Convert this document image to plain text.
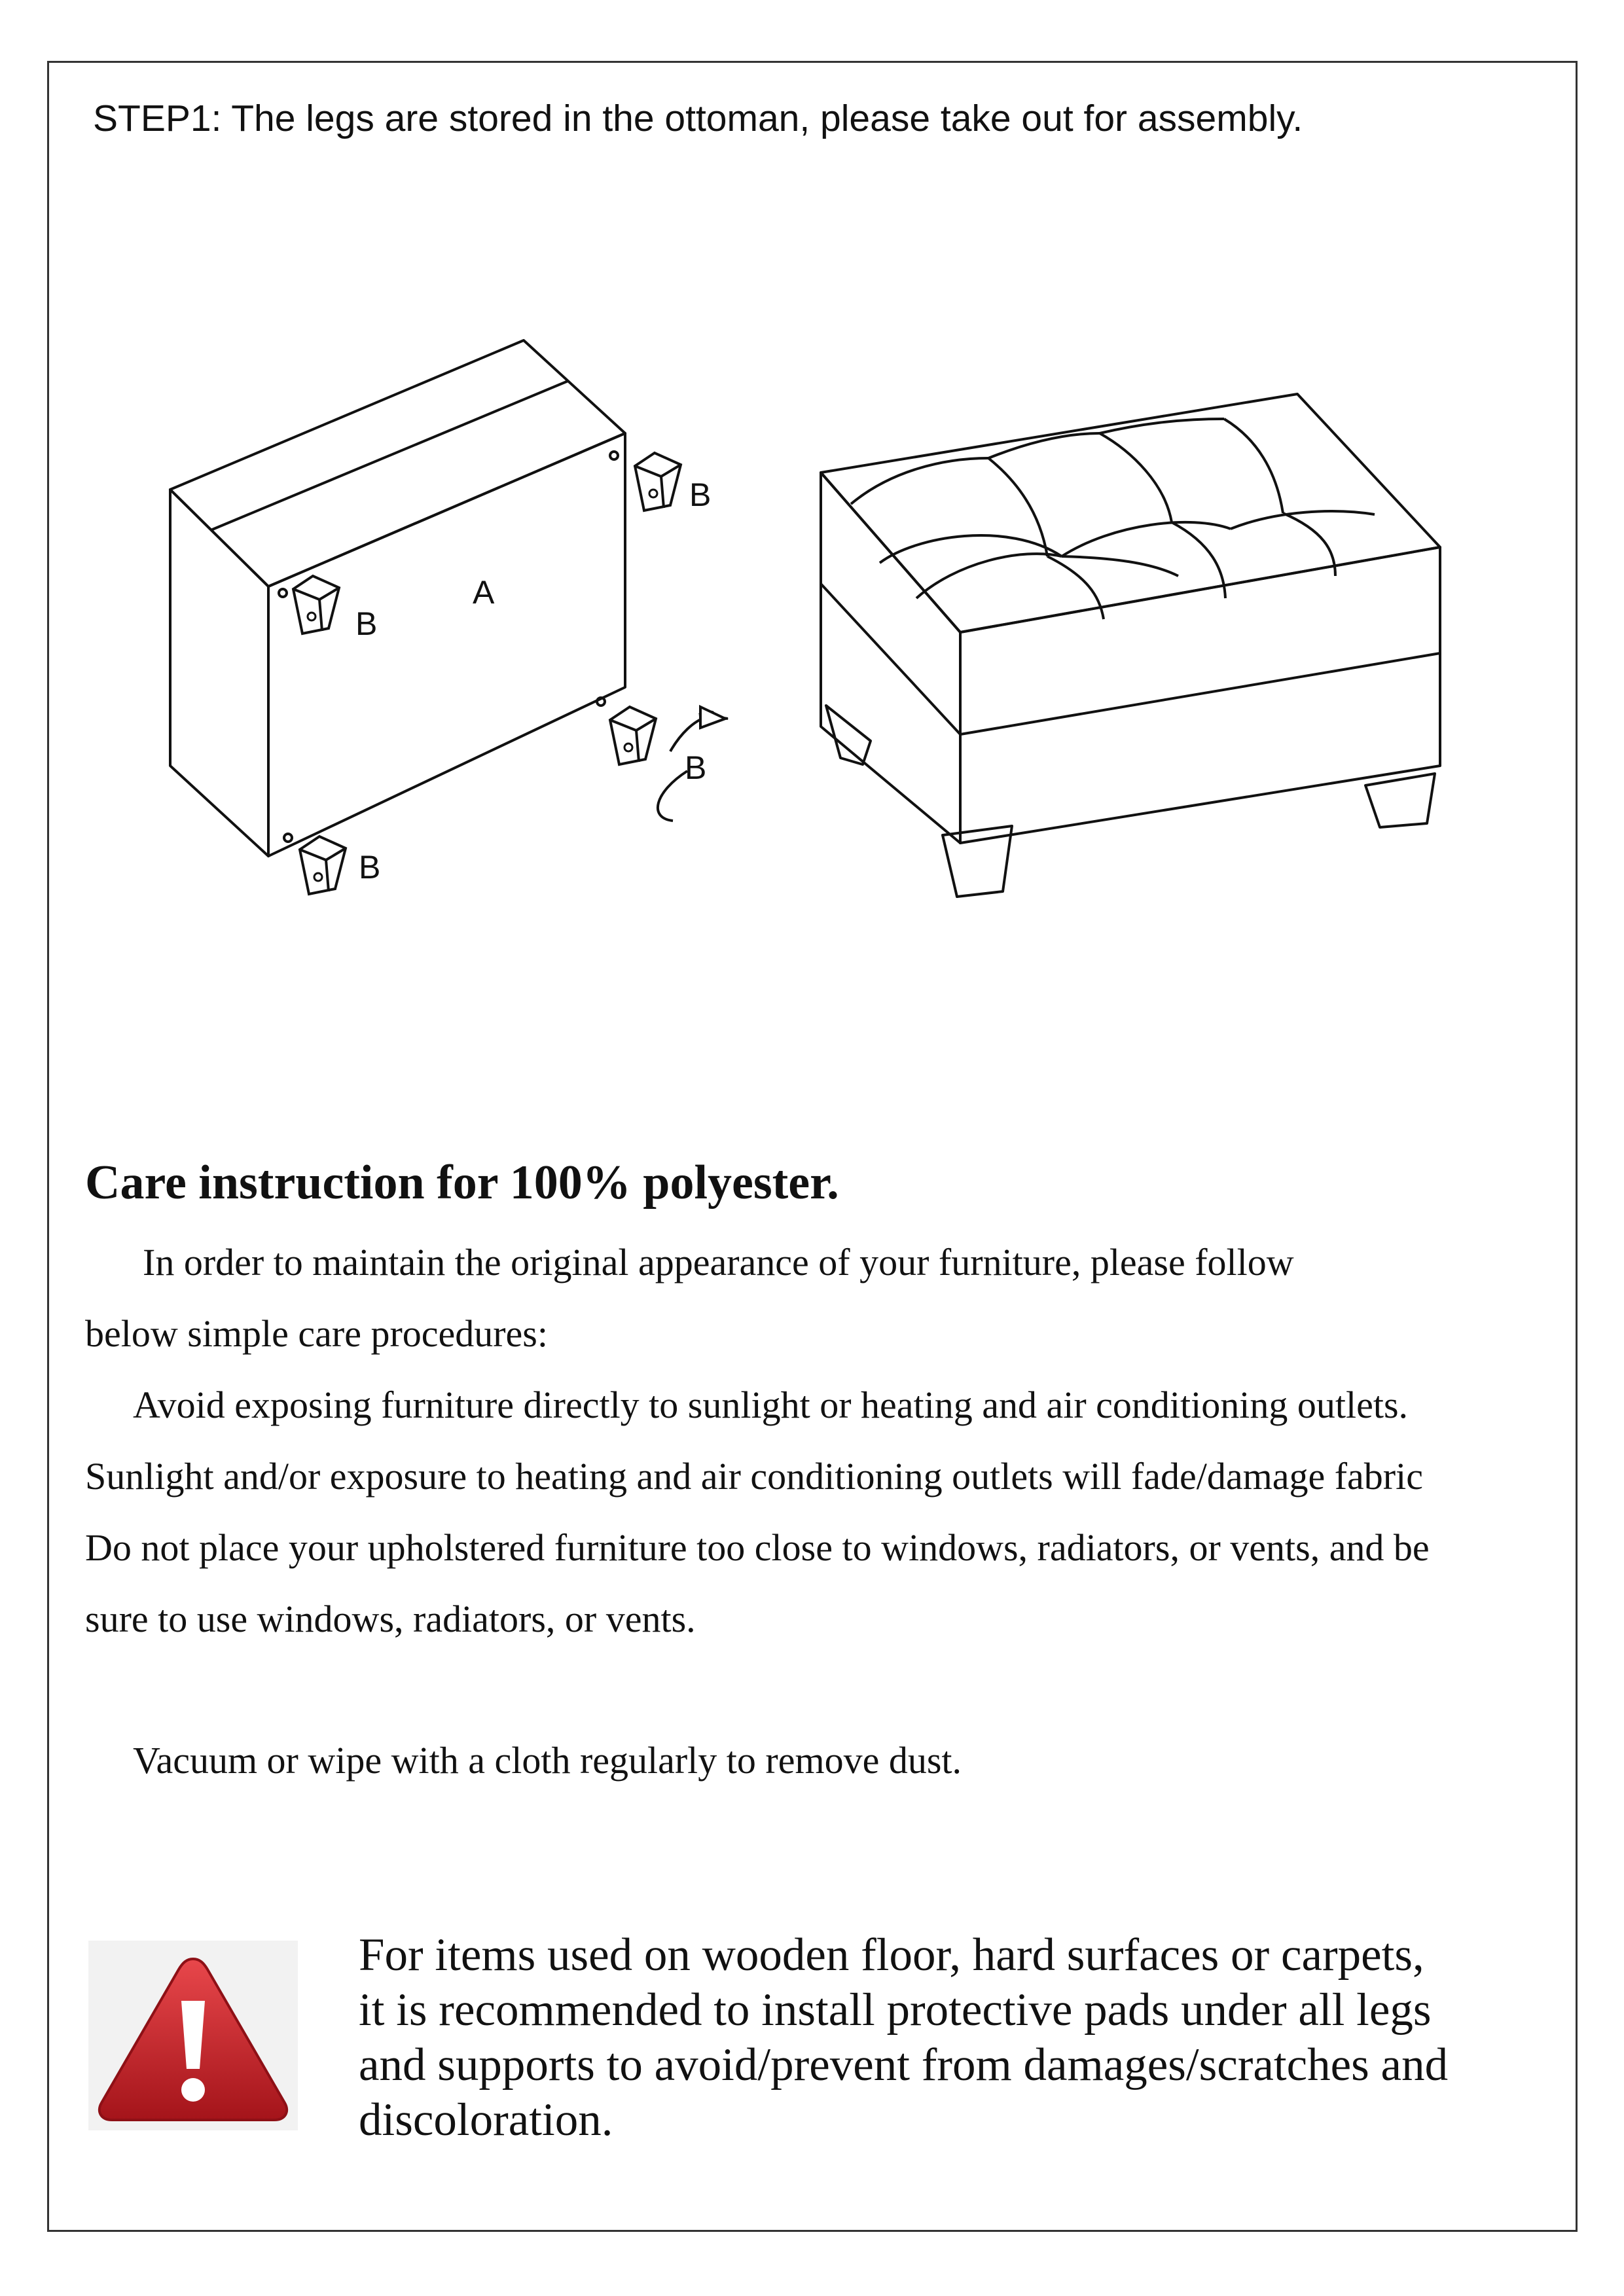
STEP1: The legs are stored in the ottoman, please take out for assembly.
A
B
B
B
B
Care instruction for 100% polyester.
In order to maintain the original appearance of your furniture, please follow
below simple care procedures:
Avoid exposing furniture directly to sunlight or heating and air conditioning outlets.
Sunlight and/or exposure to heating and air conditioning outlets will fade/damage fabric
Do not place your upholstered furniture too close to windows, radiators, or vents, and be
sure to use windows, radiators, or vents.
Vacuum or wipe with a cloth regularly to remove dust.
For items used on wooden floor, hard surfaces or carpets,
it is recommended to install protective pads under all legs
and supports to avoid/prevent from damages/scratches and
discoloration.
